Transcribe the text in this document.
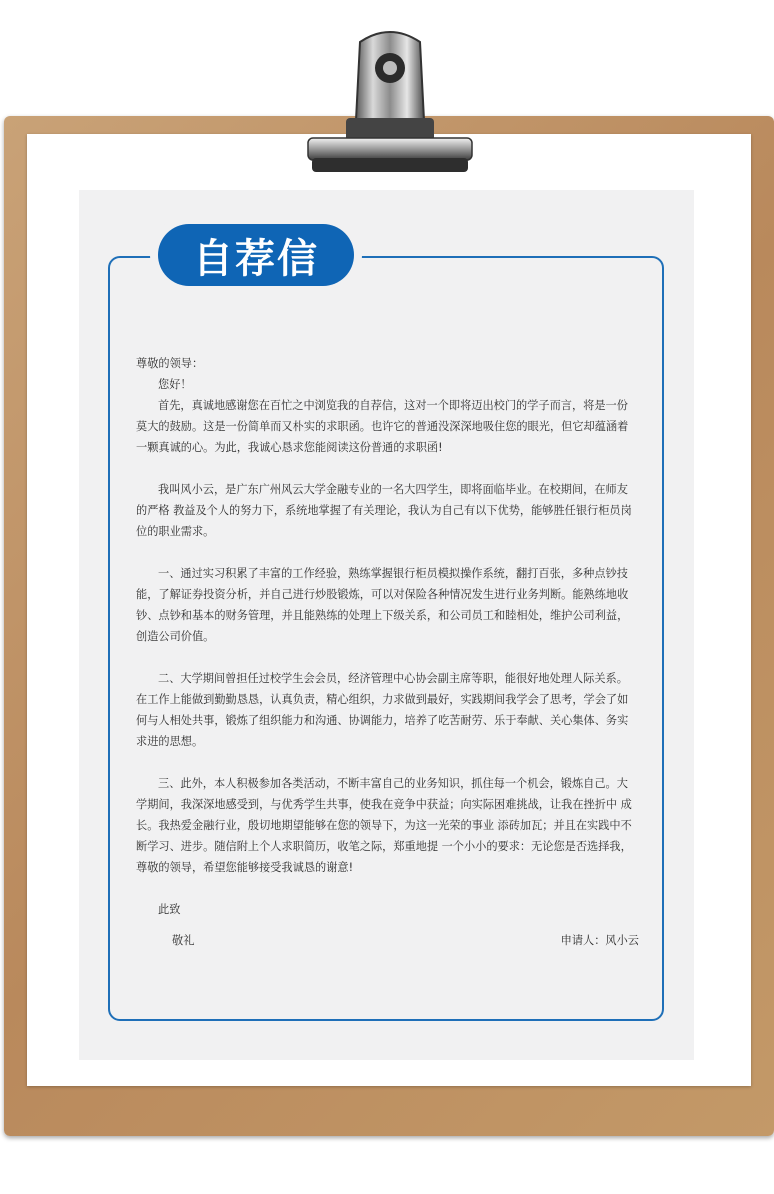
自荐信

尊敬的领导：

您好！

首先，真诚地感谢您在百忙之中浏览我的自荐信，这对一个即将迈出校门的学子而言，将是一份莫大的鼓励。这是一份简单而又朴实的求职函。也许它的普通没深深地吸住您的眼光，但它却蕴涵着一颗真诚的心。为此，我诚心恳求您能阅读这份普通的求职函!

我叫风小云，是广东广州风云大学金融专业的一名大四学生，即将面临毕业。在校期间，在师友的严格 教益及个人的努力下，系统地掌握了有关理论，我认为自己有以下优势，能够胜任银行柜员岗位的职业需求。

一、通过实习积累了丰富的工作经验，熟练掌握银行柜员模拟操作系统，翻打百张，多种点钞技能，了解证券投资分析，并自己进行炒股锻炼，可以对保险各种情况发生进行业务判断。能熟练地收钞、点钞和基本的财务管理，并且能熟练的处理上下级关系，和公司员工和睦相处，维护公司利益，创造公司价值。

二、大学期间曾担任过校学生会会员，经济管理中心协会副主席等职，能很好地处理人际关系。在工作上能做到勤勤恳恳，认真负责，精心组织，力求做到最好，实践期间我学会了思考，学会了如何与人相处共事，锻炼了组织能力和沟通、协调能力，培养了吃苦耐劳、乐于奉献、关心集体、务实求进的思想。

三、此外，本人积极参加各类活动，不断丰富自己的业务知识，抓住每一个机会，锻炼自己。大学期间，我深深地感受到，与优秀学生共事，使我在竞争中获益；向实际困难挑战，让我在挫折中 成长。我热爱金融行业，殷切地期望能够在您的领导下，为这一光荣的事业 添砖加瓦；并且在实践中不断学习、进步。随信附上个人求职简历，收笔之际，郑重地提 一个小小的要求：无论您是否选择我，尊敬的领导，希望您能够接受我诚恳的谢意!

此致

敬礼	申请人：风小云
